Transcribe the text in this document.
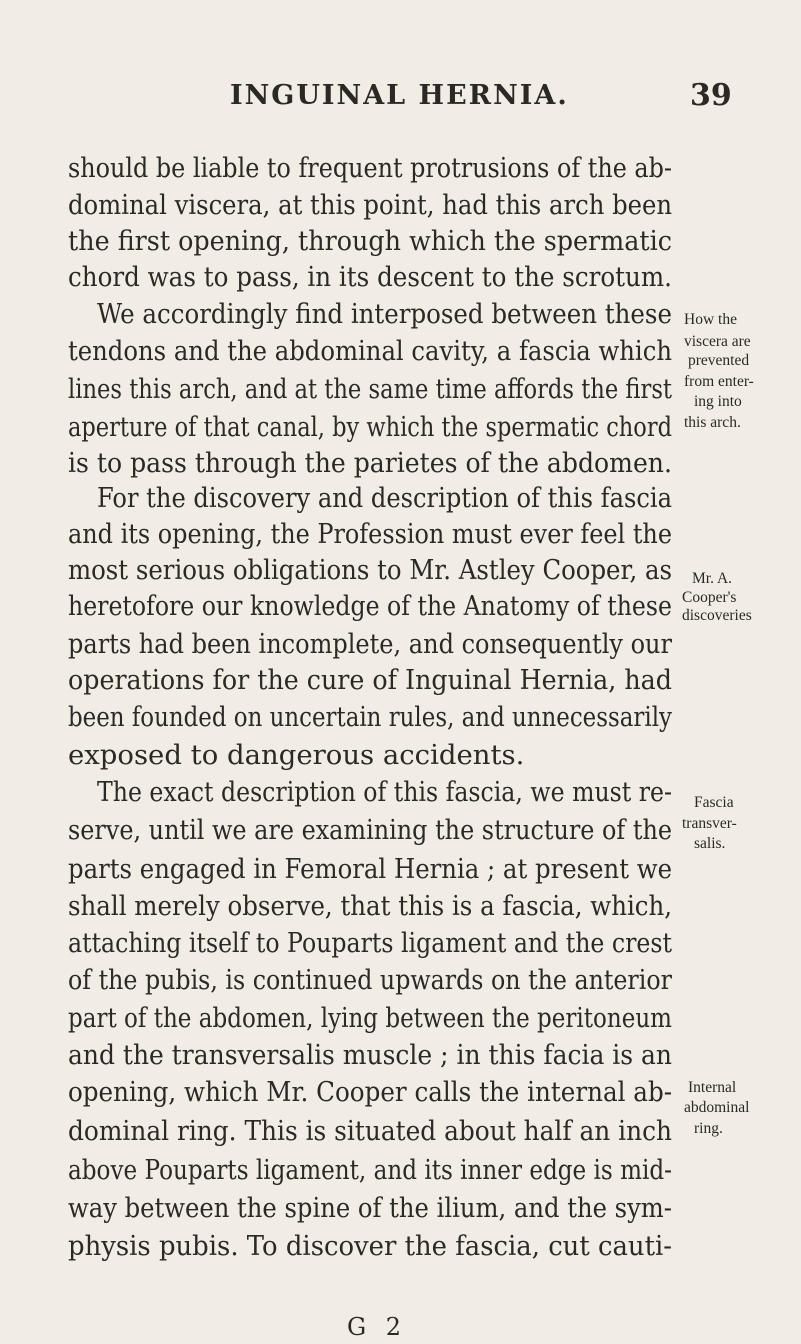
INGUINAL HERNIA.	39
should be liable to frequent protrusions of the ab-
dominal viscera, at this point, had this arch been
the first opening, through which the spermatic
chord was to pass, in its descent to the scrotum.
We accordingly find interposed between these
tendons and the abdominal cavity, a fascia which
lines this arch, and at the same time affords the first
aperture of that canal, by which the spermatic chord
is to pass through the parietes of the abdomen.
For the discovery and description of this fascia
and its opening, the Profession must ever feel the
most serious obligations to Mr. Astley Cooper, as
heretofore our knowledge of the Anatomy of these
parts had been incomplete, and consequently our
operations for the cure of Inguinal Hernia, had
been founded on uncertain rules, and unnecessarily
exposed to dangerous accidents.
The exact description of this fascia, we must re-
serve, until we are examining the structure of the
parts engaged in Femoral Hernia ; at present we
shall merely observe, that this is a fascia, which,
attaching itself to Pouparts ligament and the crest
of the pubis, is continued upwards on the anterior
part of the abdomen, lying between the peritoneum
and the transversalis muscle ; in this facia is an
opening, which Mr. Cooper calls the internal ab-
dominal ring. This is situated about half an inch
above Pouparts ligament, and its inner edge is mid-
way between the spine of the ilium, and the sym-
physis pubis. To discover the fascia, cut cauti-
How the
viscera are
prevented
from enter-
ing into
this arch.
Mr. A.
Cooper's
discoveries
Fascia
transver-
salis.
Internal
abdominal
ring.
G 2
